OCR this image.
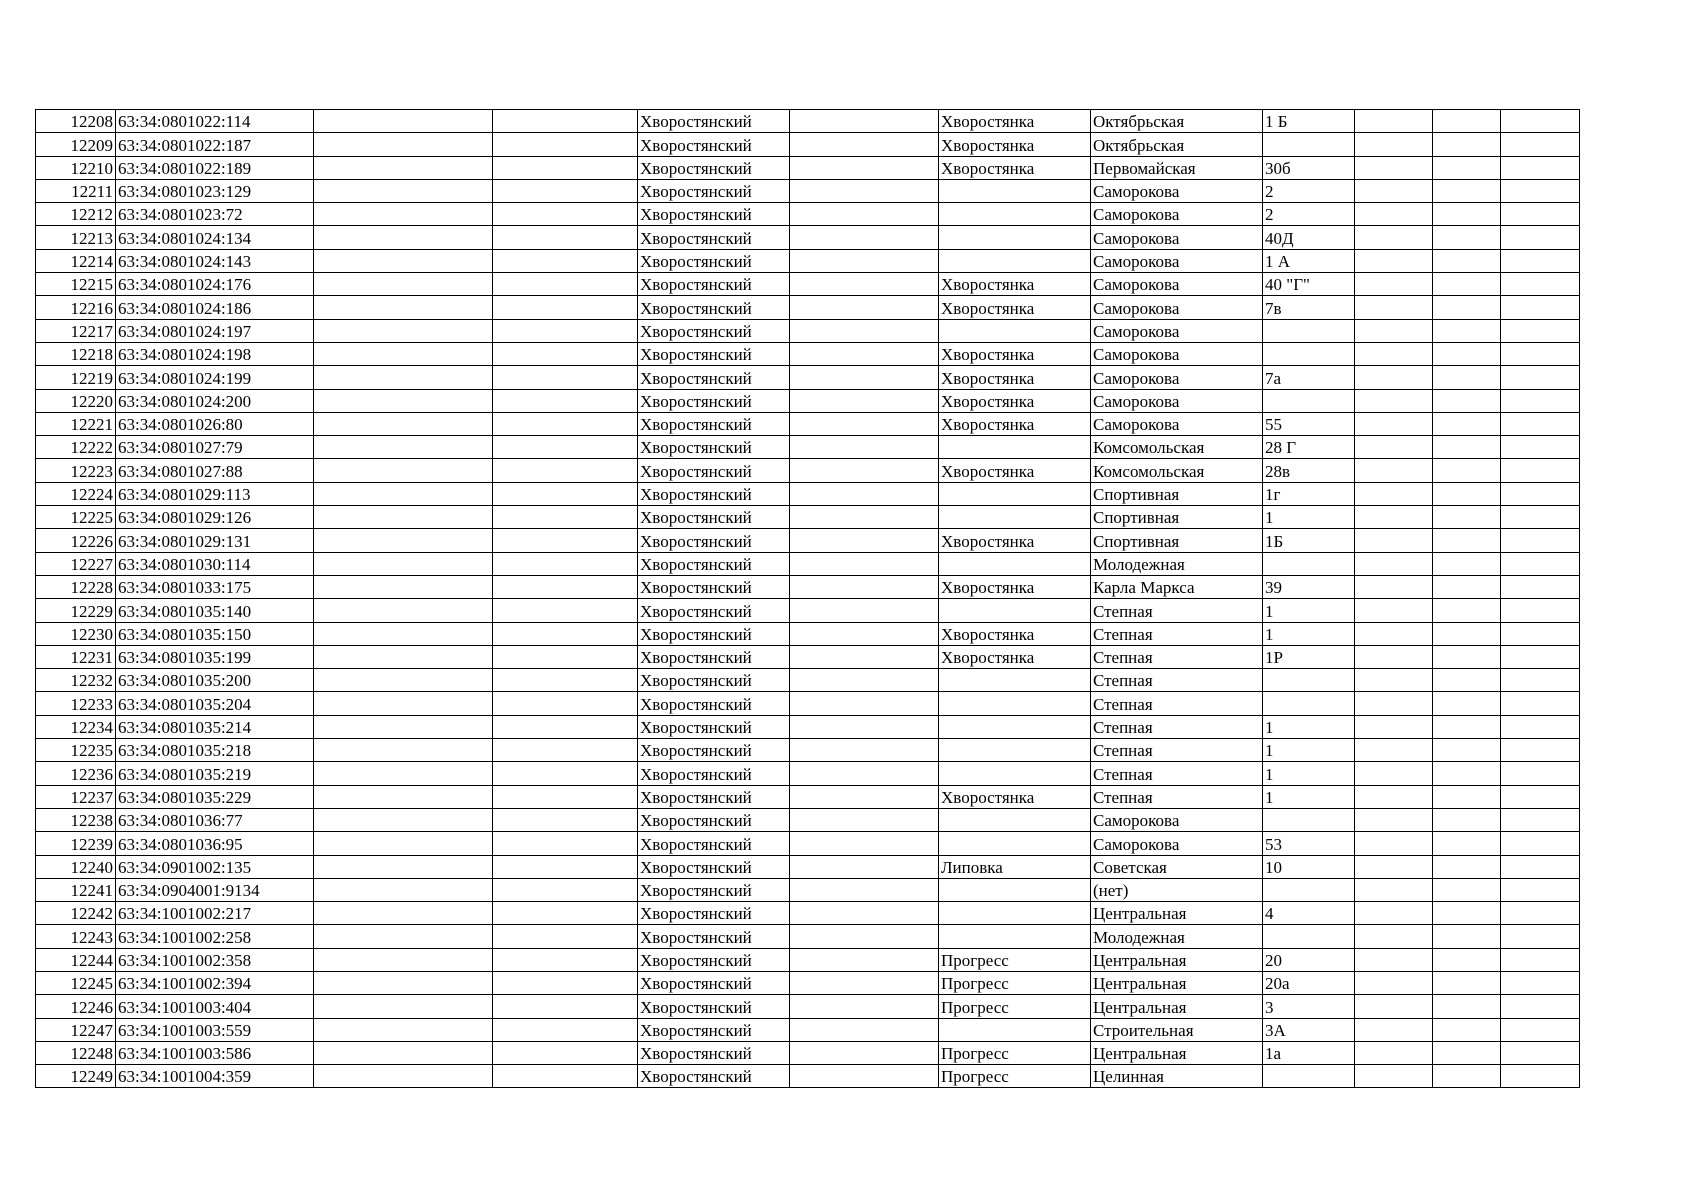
12208	63:34:0801022:114			Хворостянский		Хворостянка	Октябрьская	1 Б			
12209	63:34:0801022:187			Хворостянский		Хворостянка	Октябрьская				
12210	63:34:0801022:189			Хворостянский		Хворостянка	Первомайская	30б			
12211	63:34:0801023:129			Хворостянский			Саморокова	2			
12212	63:34:0801023:72			Хворостянский			Саморокова	2			
12213	63:34:0801024:134			Хворостянский			Саморокова	40Д			
12214	63:34:0801024:143			Хворостянский			Саморокова	1 А			
12215	63:34:0801024:176			Хворостянский		Хворостянка	Саморокова	40 "Г"			
12216	63:34:0801024:186			Хворостянский		Хворостянка	Саморокова	7в			
12217	63:34:0801024:197			Хворостянский			Саморокова				
12218	63:34:0801024:198			Хворостянский		Хворостянка	Саморокова				
12219	63:34:0801024:199			Хворостянский		Хворостянка	Саморокова	7а			
12220	63:34:0801024:200			Хворостянский		Хворостянка	Саморокова				
12221	63:34:0801026:80			Хворостянский		Хворостянка	Саморокова	55			
12222	63:34:0801027:79			Хворостянский			Комсомольская	28 Г			
12223	63:34:0801027:88			Хворостянский		Хворостянка	Комсомольская	28в			
12224	63:34:0801029:113			Хворостянский			Спортивная	1г			
12225	63:34:0801029:126			Хворостянский			Спортивная	1			
12226	63:34:0801029:131			Хворостянский		Хворостянка	Спортивная	1Б			
12227	63:34:0801030:114			Хворостянский			Молодежная				
12228	63:34:0801033:175			Хворостянский		Хворостянка	Карла Маркса	39			
12229	63:34:0801035:140			Хворостянский			Степная	1			
12230	63:34:0801035:150			Хворостянский		Хворостянка	Степная	1			
12231	63:34:0801035:199			Хворостянский		Хворостянка	Степная	1Р			
12232	63:34:0801035:200			Хворостянский			Степная				
12233	63:34:0801035:204			Хворостянский			Степная				
12234	63:34:0801035:214			Хворостянский			Степная	1			
12235	63:34:0801035:218			Хворостянский			Степная	1			
12236	63:34:0801035:219			Хворостянский			Степная	1			
12237	63:34:0801035:229			Хворостянский		Хворостянка	Степная	1			
12238	63:34:0801036:77			Хворостянский			Саморокова				
12239	63:34:0801036:95			Хворостянский			Саморокова	53			
12240	63:34:0901002:135			Хворостянский		Липовка	Советская	10			
12241	63:34:0904001:9134			Хворостянский			(нет)				
12242	63:34:1001002:217			Хворостянский			Центральная	4			
12243	63:34:1001002:258			Хворостянский			Молодежная				
12244	63:34:1001002:358			Хворостянский		Прогресс	Центральная	20			
12245	63:34:1001002:394			Хворостянский		Прогресс	Центральная	20а			
12246	63:34:1001003:404			Хворостянский		Прогресс	Центральная	3			
12247	63:34:1001003:559			Хворостянский			Строительная	3А			
12248	63:34:1001003:586			Хворостянский		Прогресс	Центральная	1а			
12249	63:34:1001004:359			Хворостянский		Прогресс	Целинная				
